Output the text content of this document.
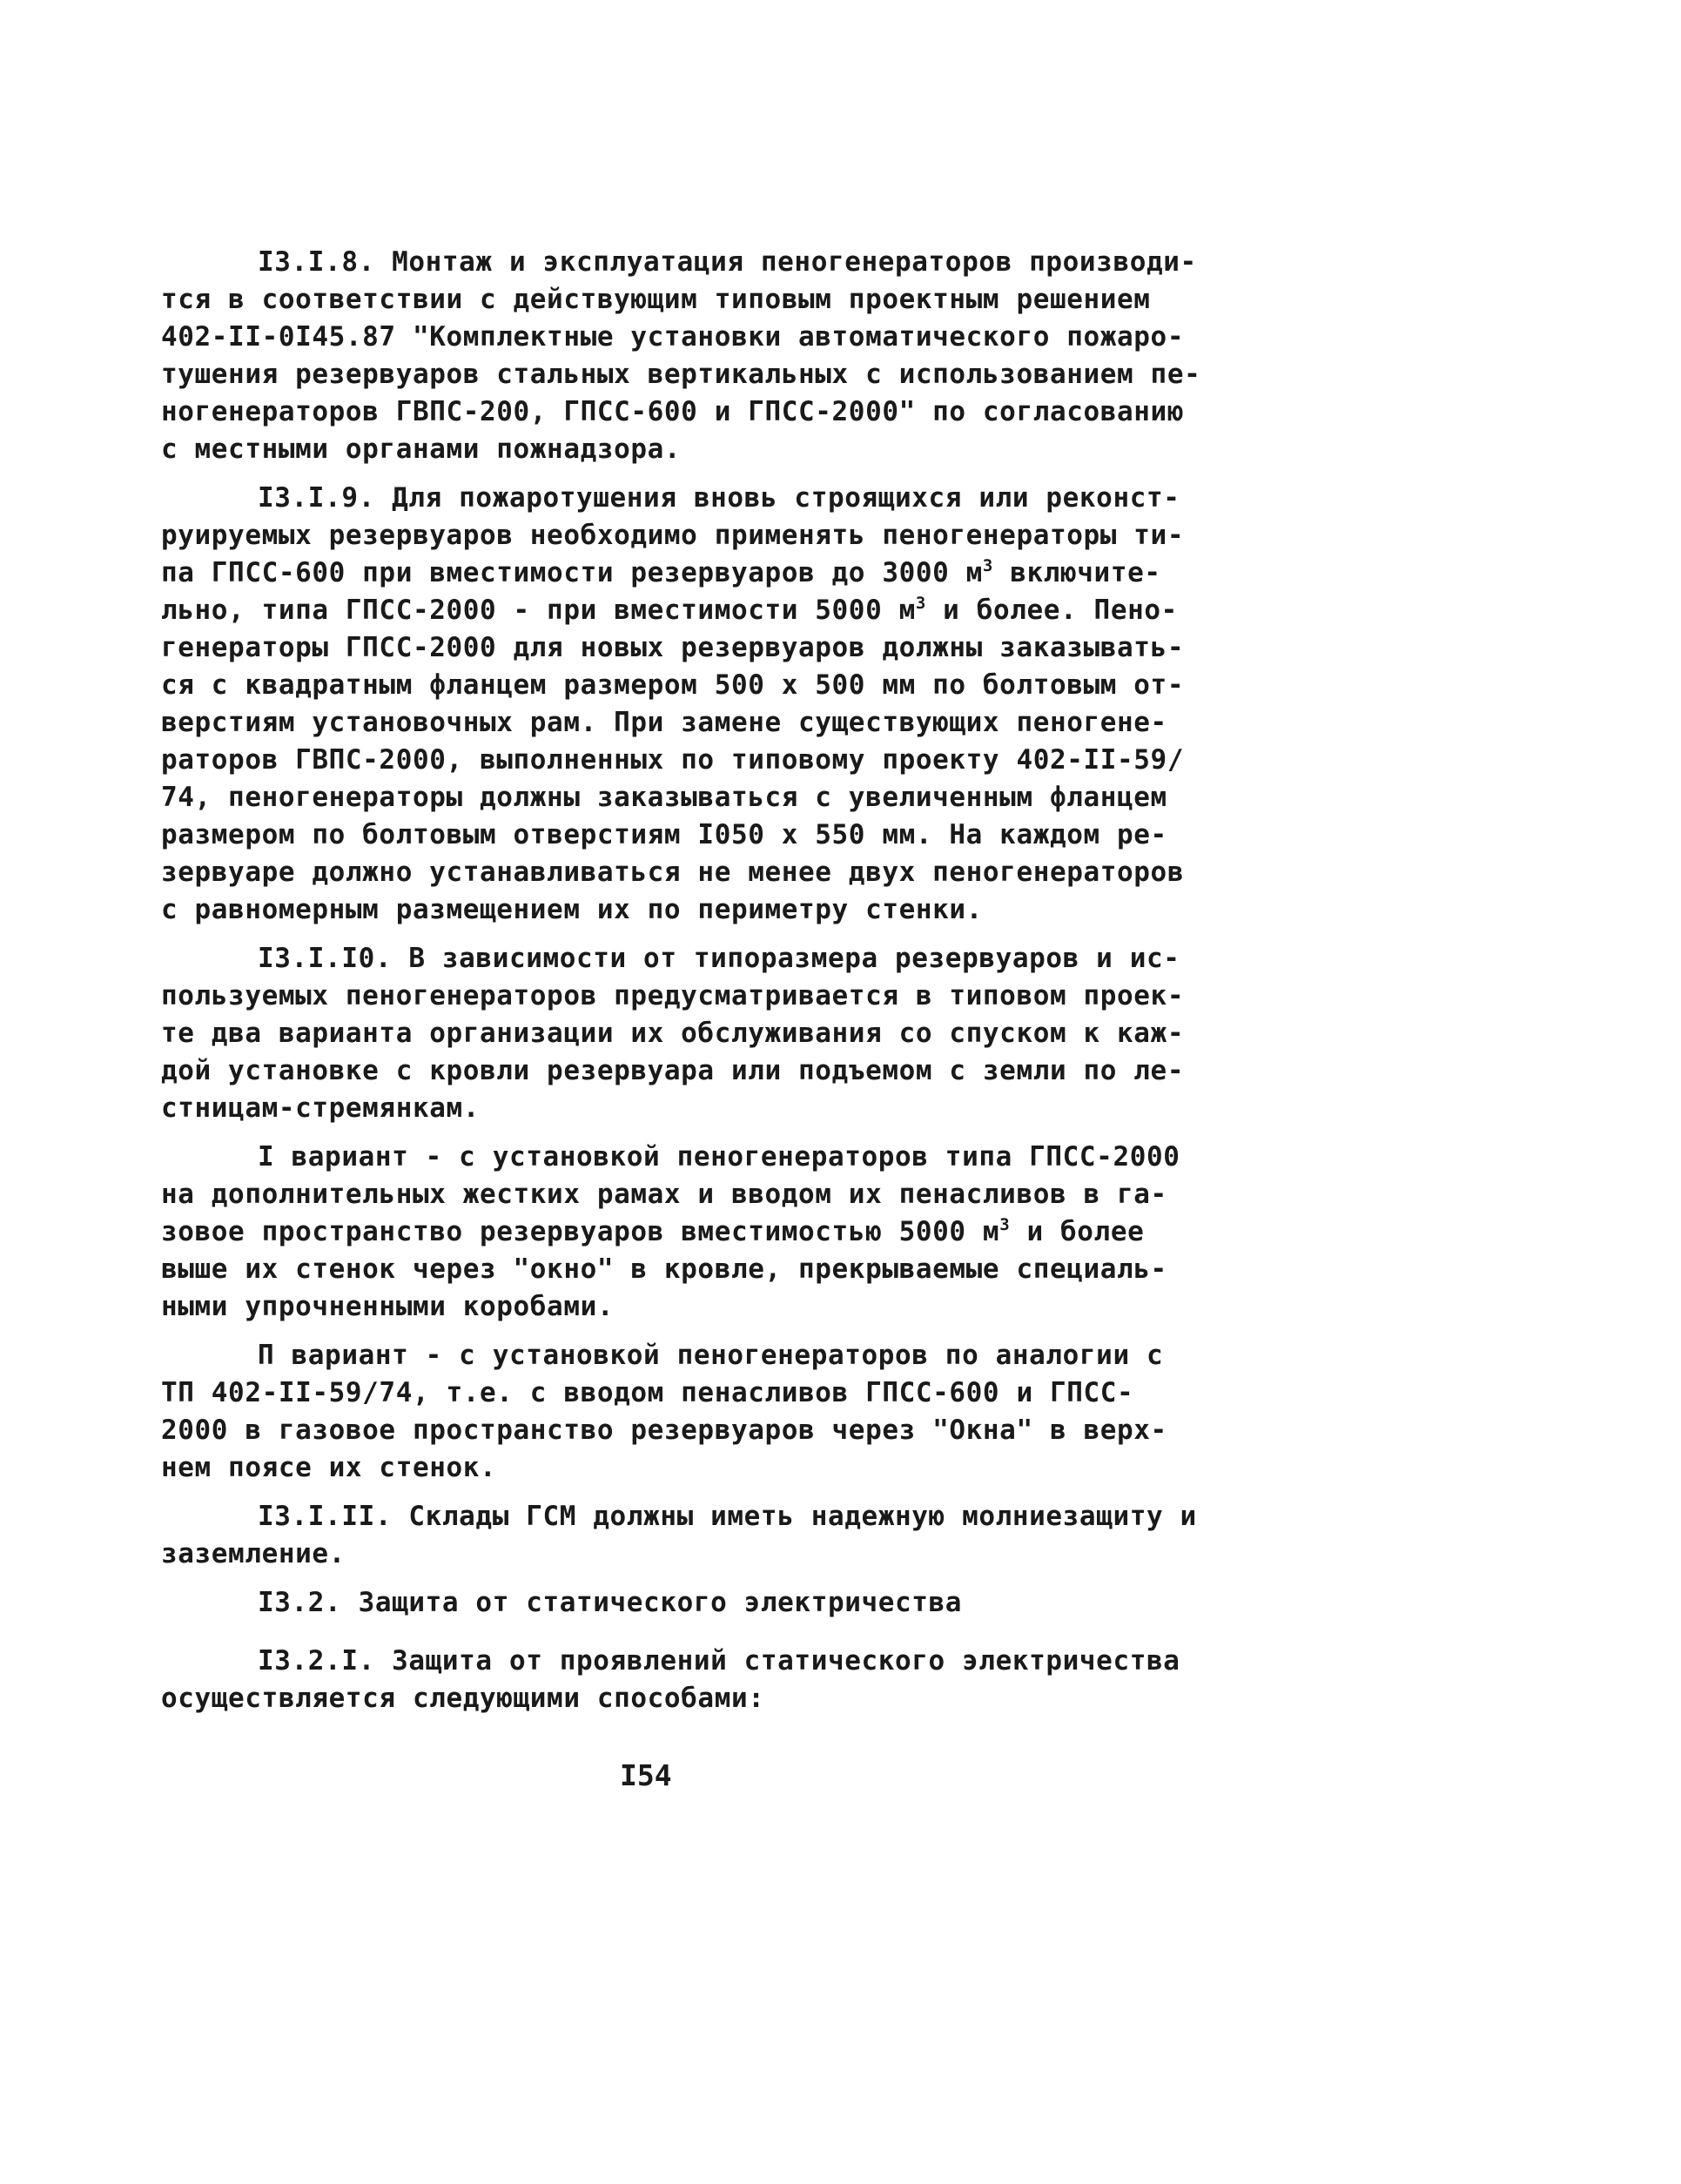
I3.I.8. Монтаж и эксплуатация пеногенераторов производи-
тся в соответствии с действующим типовым проектным решением
402-II-0I45.87 "Комплектные установки автоматического пожаро-
тушения резервуаров стальных вертикальных с использованием пе-
ногенераторов ГВПС-200, ГПСС-600 и ГПСС-2000" по согласованию
с местными органами пожнадзора.
I3.I.9. Для пожаротушения вновь строящихся или реконст-
руируемых резервуаров необходимо применять пеногенераторы ти-
па ГПСС-600 при вместимости резервуаров до 3000 $м^3$ включите-
льно, типа ГПСС-2000 - при вместимости 5000 $м^3$ и более. Пено-
генераторы ГПСС-2000 для новых резервуаров должны заказывать-
ся с квадратным фланцем размером 500 х 500 мм по болтовым от-
верстиям установочных рам. При замене существующих пеногене-
раторов ГВПС-2000, выполненных по типовому проекту 402-II-59/
74, пеногенераторы должны заказываться с увеличенным фланцем
размером по болтовым отверстиям I050 х 550 мм. На каждом ре-
зервуаре должно устанавливаться не менее двух пеногенераторов
с равномерным размещением их по периметру стенки.
I3.I.I0. В зависимости от типоразмера резервуаров и ис-
пользуемых пеногенераторов предусматривается в типовом проек-
те два варианта организации их обслуживания со спуском к каж-
дой установке с кровли резервуара или подъемом с земли по ле-
стницам-стремянкам.
I вариант - с установкой пеногенераторов типа ГПСС-2000
на дополнительных жестких рамах и вводом их пенасливов в га-
зовое пространство резервуаров вместимостью 5000 $м^3$ и более
выше их стенок через "окно" в кровле, прекрываемые специаль-
ными упрочненными коробами.
П вариант - с установкой пеногенераторов по аналогии с
ТП 402-II-59/74, т.е. с вводом пенасливов ГПСС-600 и ГПСС-
2000 в газовое пространство резервуаров через "Окна" в верх-
нем поясе их стенок.
I3.I.II. Склады ГСМ должны иметь надежную молниезащиту и
заземление.
I3.2. Защита от статического электричества
I3.2.I. Защита от проявлений статического электричества
осуществляется следующими способами:
I54
